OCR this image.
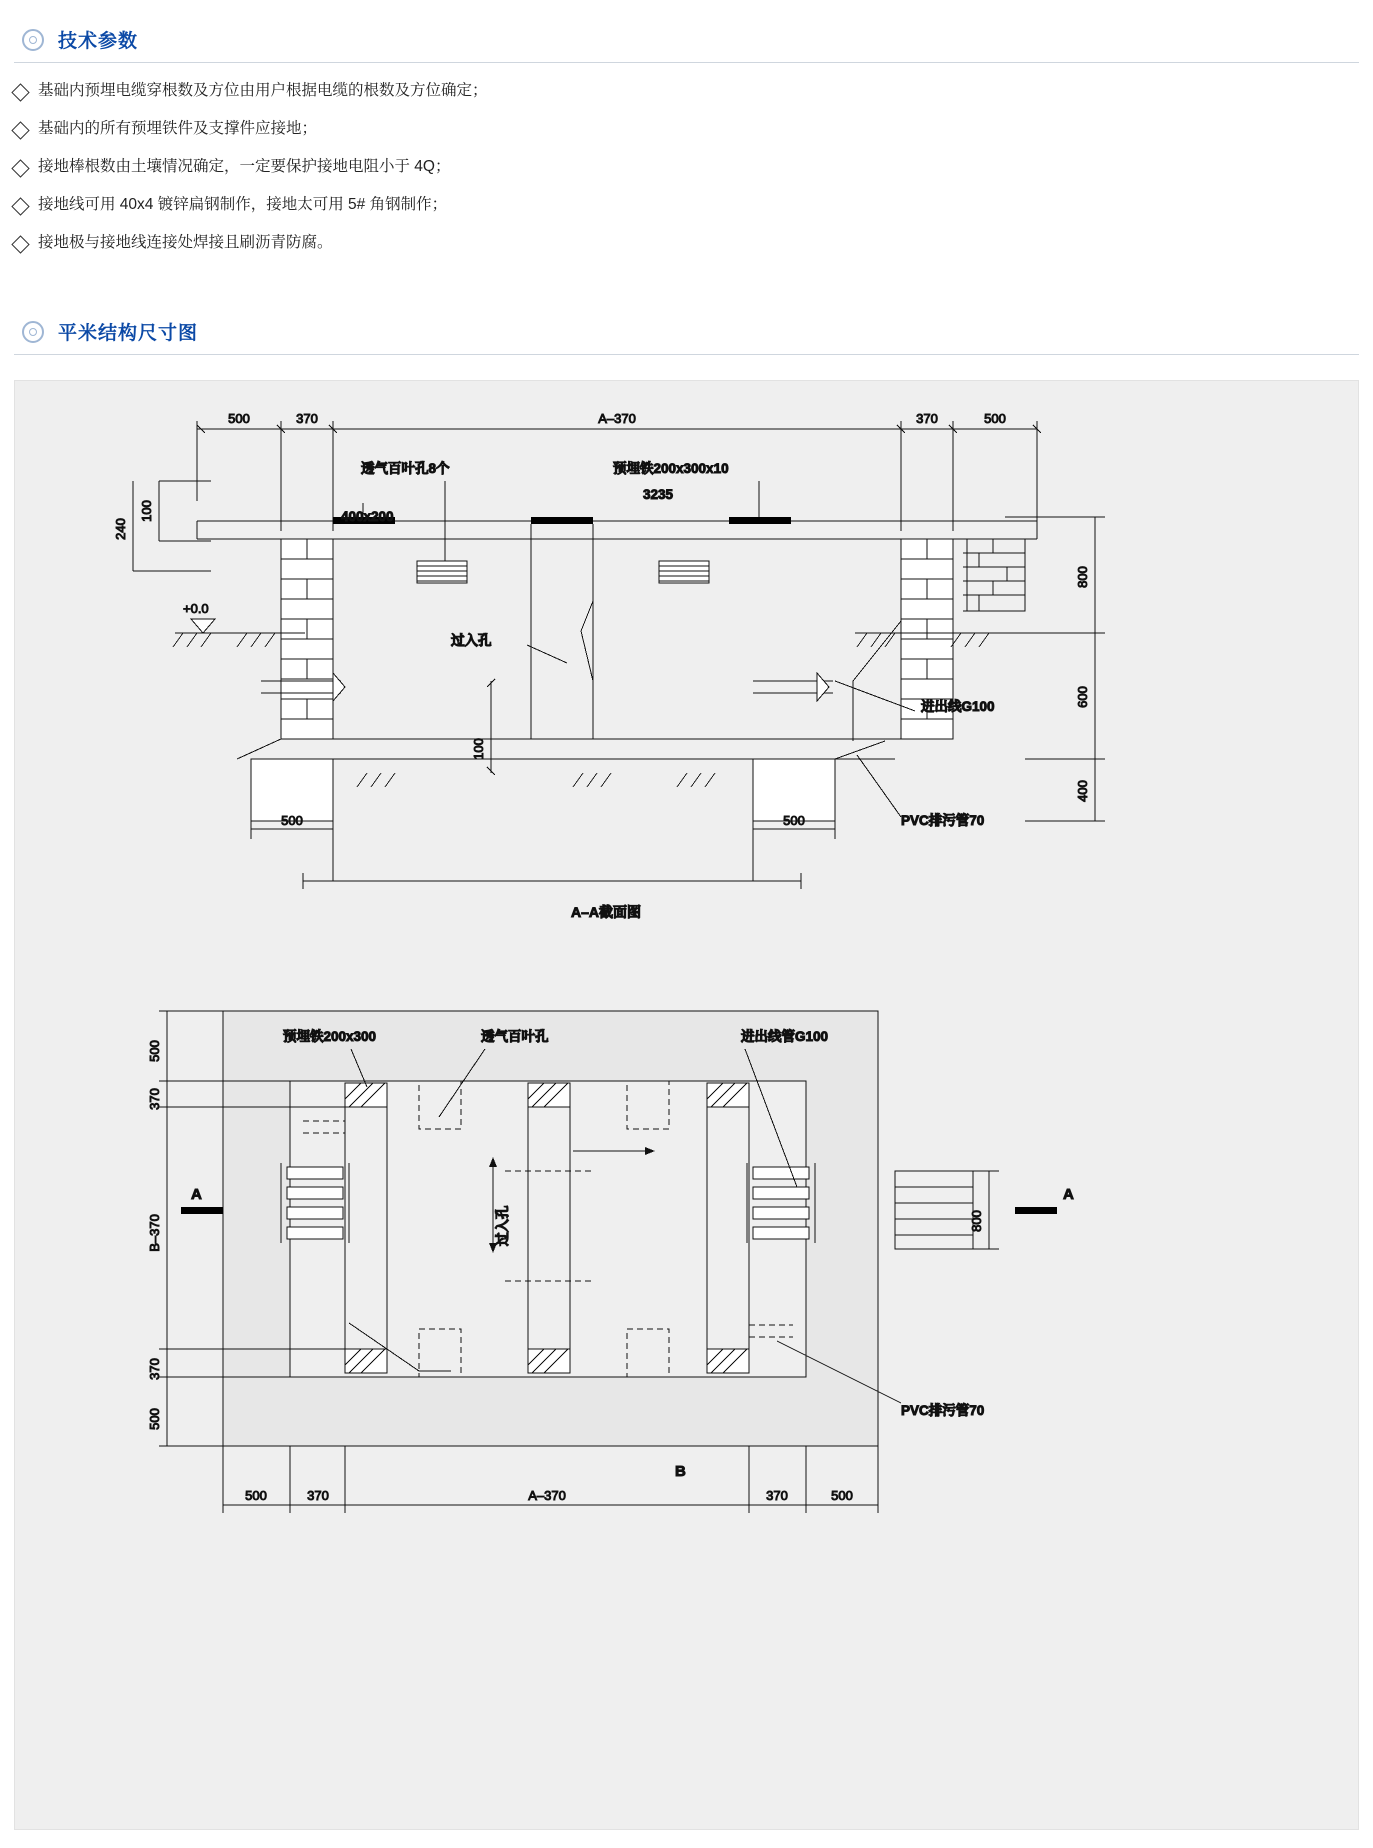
技术参数
基础内预埋电缆穿根数及方位由用户根据电缆的根数及方位确定；
基础内的所有预埋铁件及支撑件应接地；
接地棒根数由土壤情况确定，一定要保护接地电阻小于 4Q；
接地线可用 40x4 镀锌扁钢制作，接地太可用 5# 角钢制作；
接地极与接地线连接处焊接且刷沥青防腐。
平米结构尺寸图
500	370	A–370	370	500
100
240
+0.0
100
800
600
400
500	500
透气百叶孔8个
400x200
预埋铁200x300x10
3235
过入孔
进出线G100
PVC排污管70
A–A截面图
过入孔
A	A
800
500
370
B–370
370
500
500	370	A–370	370	500
B
预埋铁200x300	透气百叶孔	进出线管G100
PVC排污管70
